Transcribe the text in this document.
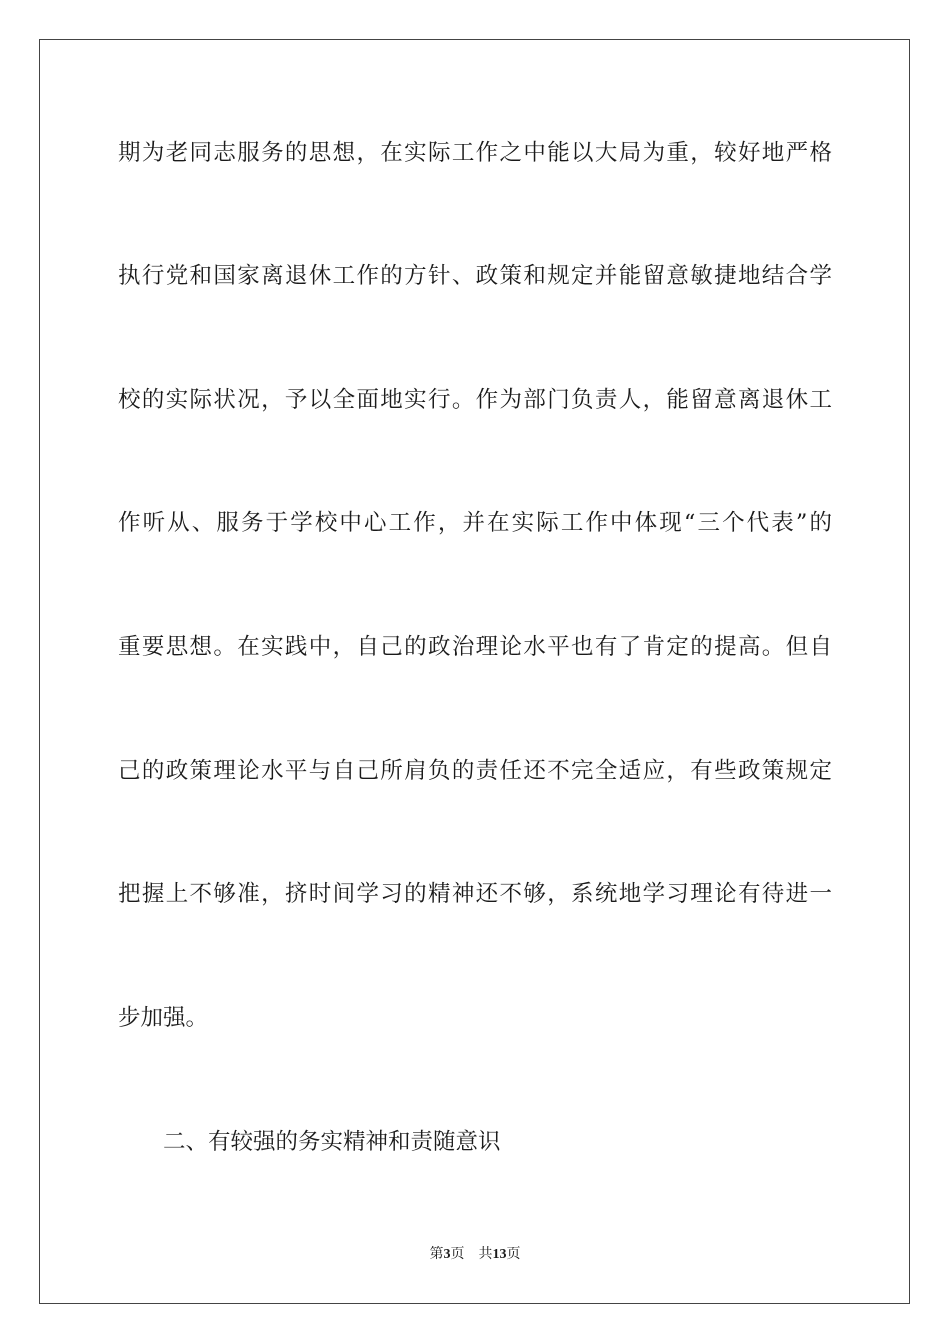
期为老同志服务的思想，在实际工作之中能以大局为重，较好地严格
执行党和国家离退休工作的方针、政策和规定并能留意敏捷地结合学
校的实际状况，予以全面地实行。作为部门负责人，能留意离退休工
作听从、服务于学校中心工作，并在实际工作中体现“三个代表”的
重要思想。在实践中，自己的政治理论水平也有了肯定的提高。但自
己的政策理论水平与自己所肩负的责任还不完全适应，有些政策规定
把握上不够准，挤时间学习的精神还不够，系统地学习理论有待进一
步加强。
二、有较强的务实精神和责随意识
第3页 共13页
